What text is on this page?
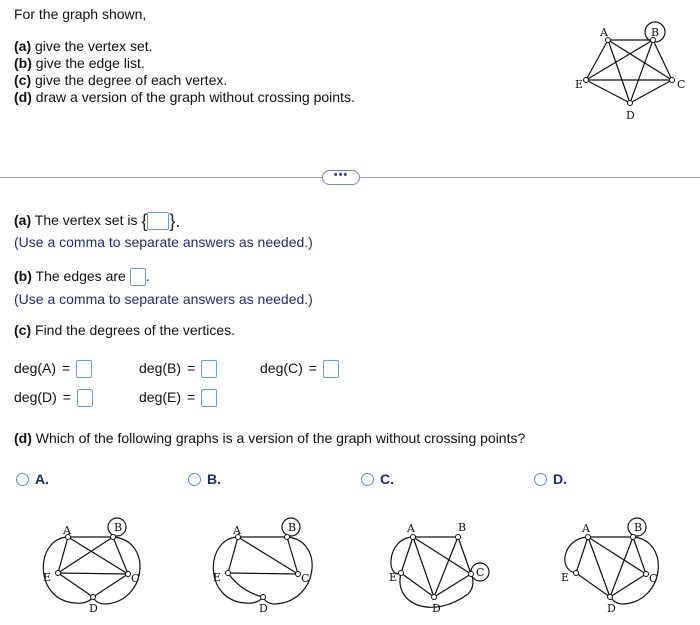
For the graph shown,
(a) give the vertex set.
(b) give the edge list.
(c) give the degree of each vertex.
(d) draw a version of the graph without crossing points.
A	B
C
D
E
•••
(a) The vertex set is { }.
(Use a comma to separate answers as needed.)
(b) The edges are .
(Use a comma to separate answers as needed.)
(c) Find the degrees of the vertices.
deg(A) =	deg(B) =	deg(C) =
deg(D) =	deg(E) =
(d) Which of the following graphs is a version of the graph without crossing points?
A.	B.	C.	D.
A	B
C
D
E
A	B
C
D
E
A	B
C
D
E
A	B
C
D
E
